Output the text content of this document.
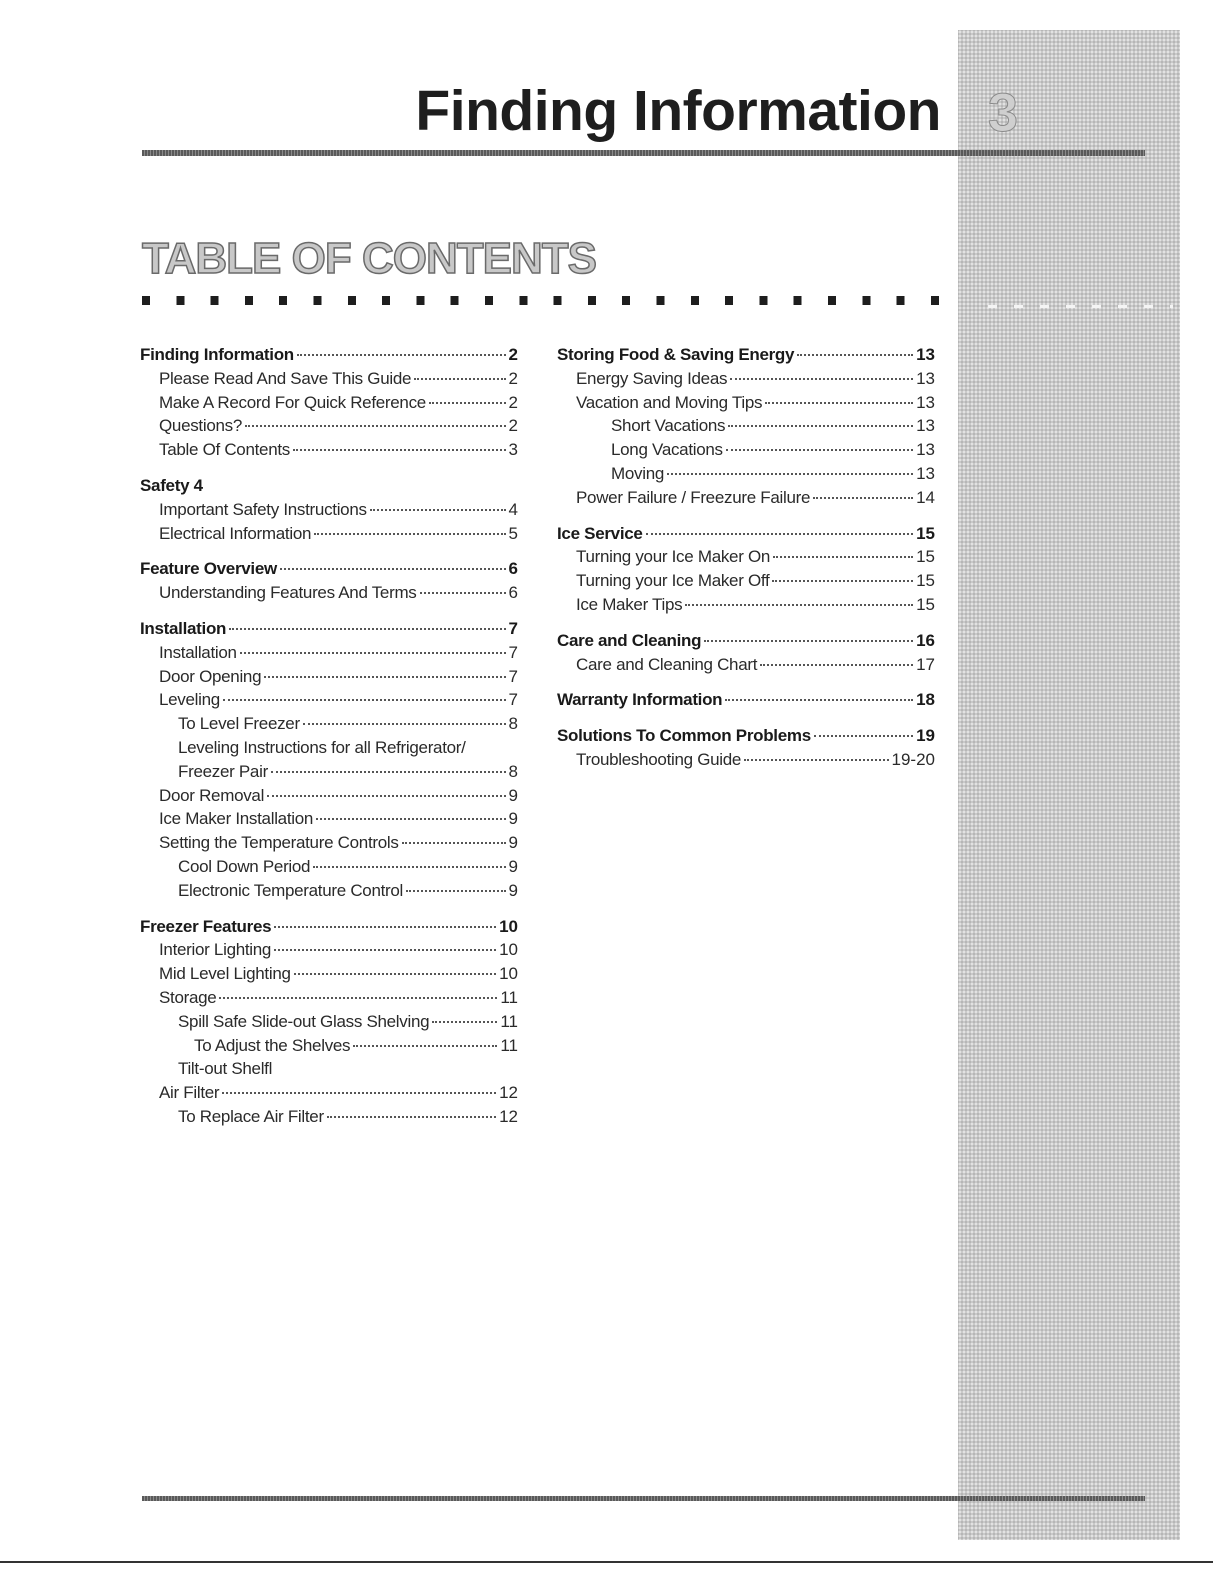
3
Finding Information
TABLE OF CONTENTS
Finding Information	2
Please Read And Save This Guide	2
Make A Record For Quick Reference	2
Questions?	2
Table Of Contents	3
Safety 4
Important Safety Instructions	4
Electrical Information	5
Feature Overview	6
Understanding Features And Terms	6
Installation	7
Installation	7
Door Opening	7
Leveling	7
To Level Freezer	8
Leveling Instructions for all Refrigerator/
Freezer Pair	8
Door Removal	9
Ice Maker Installation	9
Setting the Temperature Controls	9
Cool Down Period	9
Electronic Temperature Control	9
Freezer Features	10
Interior Lighting	10
Mid Level Lighting	10
Storage	11
Spill Safe Slide-out Glass Shelving	11
To Adjust the Shelves	11
Tilt-out Shelfl
Air Filter	12
To Replace Air Filter	12
Storing Food & Saving Energy	13
Energy Saving Ideas	13
Vacation and Moving Tips	13
Short Vacations	13
Long Vacations	13
Moving	13
Power Failure / Freezure Failure	14
Ice Service	15
Turning your Ice Maker On	15
Turning your Ice Maker Off	15
Ice Maker Tips	15
Care and Cleaning	16
Care and Cleaning Chart	17
Warranty Information	18
Solutions To Common Problems	19
Troubleshooting Guide	19-20
